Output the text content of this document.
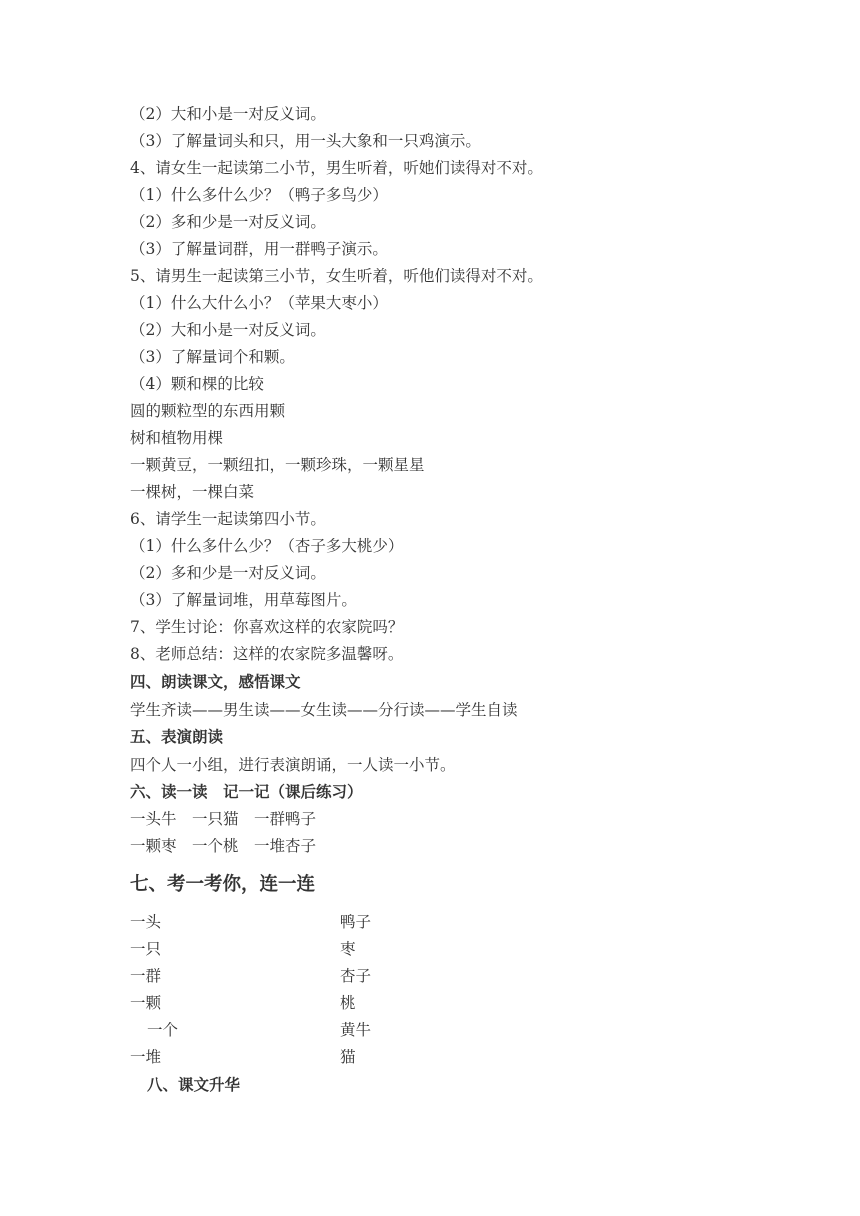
（2）大和小是一对反义词。
（3）了解量词头和只，用一头大象和一只鸡演示。
4、请女生一起读第二小节，男生听着，听她们读得对不对。
（1）什么多什么少？（鸭子多鸟少）
（2）多和少是一对反义词。
（3）了解量词群，用一群鸭子演示。
5、请男生一起读第三小节，女生听着，听他们读得对不对。
（1）什么大什么小？（苹果大枣小）
（2）大和小是一对反义词。
（3）了解量词个和颗。
（4）颗和棵的比较
圆的颗粒型的东西用颗
树和植物用棵
一颗黄豆，一颗纽扣，一颗珍珠，一颗星星
一棵树，一棵白菜
6、请学生一起读第四小节。
（1）什么多什么少？（杏子多大桃少）
（2）多和少是一对反义词。
（3）了解量词堆，用草莓图片。
7、学生讨论：你喜欢这样的农家院吗？
8、老师总结：这样的农家院多温馨呀。
四、朗读课文，感悟课文
学生齐读——男生读——女生读——分行读——学生自读
五、表演朗读
四个人一小组，进行表演朗诵，一人读一小节。
六、读一读　记一记（课后练习）
一头牛　一只猫　一群鸭子
一颗枣　一个桃　一堆杏子
七、考一考你，连一连
一头	鸭子
一只	枣
一群	杏子
一颗	桃
一个	黄牛
一堆	猫
八、课文升华
